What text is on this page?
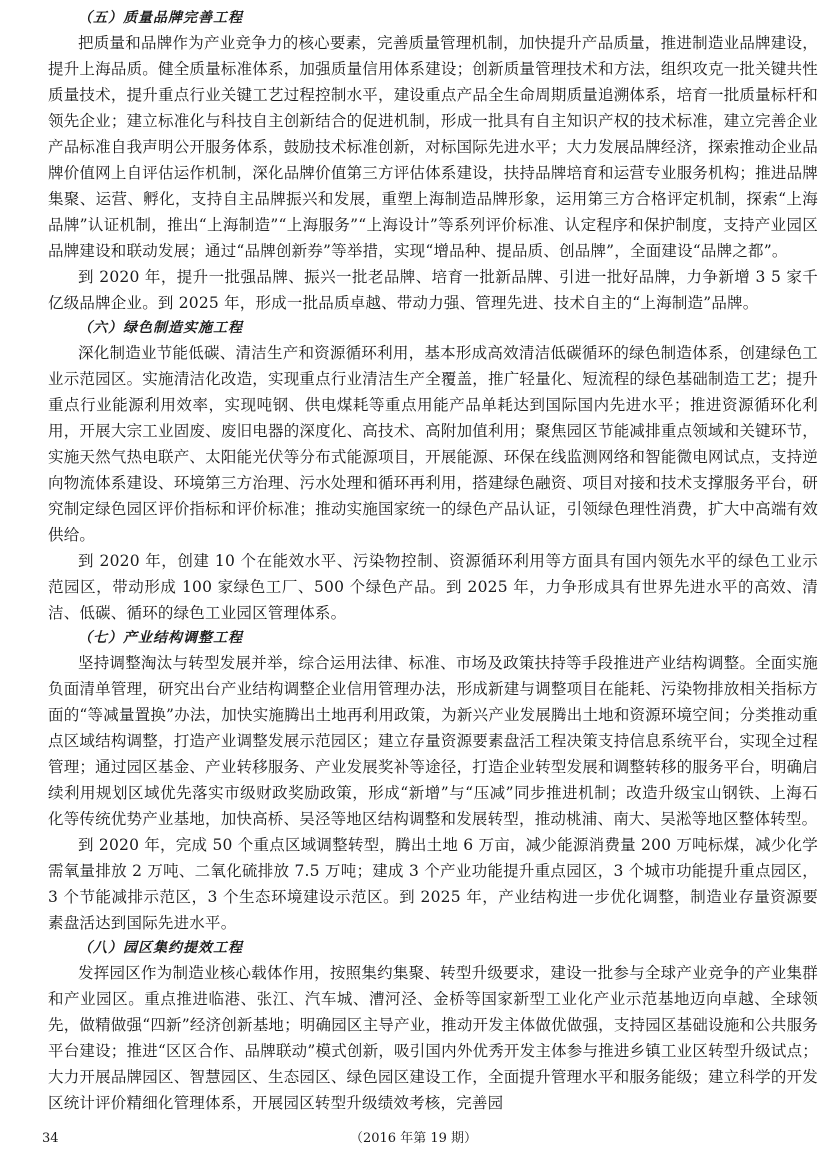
（五）质量品牌完善工程

把质量和品牌作为产业竞争力的核心要素，完善质量管理机制，加快提升产品质量，推进制造业品牌建设，提升上海品质。健全质量标准体系，加强质量信用体系建设；创新质量管理技术和方法，组织攻克一批关键共性质量技术，提升重点行业关键工艺过程控制水平，建设重点产品全生命周期质量追溯体系，培育一批质量标杆和领先企业；建立标准化与科技自主创新结合的促进机制，形成一批具有自主知识产权的技术标准，建立完善企业产品标准自我声明公开服务体系，鼓励技术标准创新，对标国际先进水平；大力发展品牌经济，探索推动企业品牌价值网上自评估运作机制，深化品牌价值第三方评估体系建设，扶持品牌培育和运营专业服务机构；推进品牌集聚、运营、孵化，支持自主品牌振兴和发展，重塑上海制造品牌形象，运用第三方合格评定机制，探索“上海品牌”认证机制，推出“上海制造”“上海服务”“上海设计”等系列评价标准、认定程序和保护制度，支持产业园区品牌建设和联动发展；通过“品牌创新券”等举措，实现“增品种、提品质、创品牌”，全面建设“品牌之都”。

到 2020 年，提升一批强品牌、振兴一批老品牌、培育一批新品牌、引进一批好品牌，力争新增 3 5 家千亿级品牌企业。到 2025 年，形成一批品质卓越、带动力强、管理先进、技术自主的“上海制造”品牌。

（六）绿色制造实施工程

深化制造业节能低碳、清洁生产和资源循环利用，基本形成高效清洁低碳循环的绿色制造体系，创建绿色工业示范园区。实施清洁化改造，实现重点行业清洁生产全覆盖，推广轻量化、短流程的绿色基础制造工艺；提升重点行业能源利用效率，实现吨钢、供电煤耗等重点用能产品单耗达到国际国内先进水平；推进资源循环化利用，开展大宗工业固废、废旧电器的深度化、高技术、高附加值利用；聚焦园区节能减排重点领域和关键环节，实施天然气热电联产、太阳能光伏等分布式能源项目，开展能源、环保在线监测网络和智能微电网试点，支持逆向物流体系建设、环境第三方治理、污水处理和循环再利用，搭建绿色融资、项目对接和技术支撑服务平台，研究制定绿色园区评价指标和评价标准；推动实施国家统一的绿色产品认证，引领绿色理性消费，扩大中高端有效供给。

到 2020 年，创建 10 个在能效水平、污染物控制、资源循环利用等方面具有国内领先水平的绿色工业示范园区，带动形成 100 家绿色工厂、500 个绿色产品。到 2025 年，力争形成具有世界先进水平的高效、清洁、低碳、循环的绿色工业园区管理体系。

（七）产业结构调整工程

坚持调整淘汰与转型发展并举，综合运用法律、标准、市场及政策扶持等手段推进产业结构调整。全面实施负面清单管理，研究出台产业结构调整企业信用管理办法，形成新建与调整项目在能耗、污染物排放相关指标方面的“等减量置换”办法，加快实施腾出土地再利用政策，为新兴产业发展腾出土地和资源环境空间；分类推动重点区域结构调整，打造产业调整发展示范园区；建立存量资源要素盘活工程决策支持信息系统平台，实现全过程管理；通过园区基金、产业转移服务、产业发展奖补等途径，打造企业转型发展和调整转移的服务平台，明确启续利用规划区域优先落实市级财政奖励政策，形成“新增”与“压减”同步推进机制；改造升级宝山钢铁、上海石化等传统优势产业基地，加快高桥、吴泾等地区结构调整和发展转型，推动桃浦、南大、吴淞等地区整体转型。

到 2020 年，完成 50 个重点区域调整转型，腾出土地 6 万亩，减少能源消费量 200 万吨标煤，减少化学需氧量排放 2 万吨、二氧化硫排放 7.5 万吨；建成 3 个产业功能提升重点园区，3 个城市功能提升重点园区，3 个节能减排示范区，3 个生态环境建设示范区。到 2025 年，产业结构进一步优化调整，制造业存量资源要素盘活达到国际先进水平。

（八）园区集约提效工程

发挥园区作为制造业核心载体作用，按照集约集聚、转型升级要求，建设一批参与全球产业竞争的产业集群和产业园区。重点推进临港、张江、汽车城、漕河泾、金桥等国家新型工业化产业示范基地迈向卓越、全球领先，做精做强“四新”经济创新基地；明确园区主导产业，推动开发主体做优做强，支持园区基础设施和公共服务平台建设；推进“区区合作、品牌联动”模式创新，吸引国内外优秀开发主体参与推进乡镇工业区转型升级试点；大力开展品牌园区、智慧园区、生态园区、绿色园区建设工作，全面提升管理水平和服务能级；建立科学的开发区统计评价精细化管理体系，开展园区转型升级绩效考核，完善园

34	（2016 年第 19 期）
